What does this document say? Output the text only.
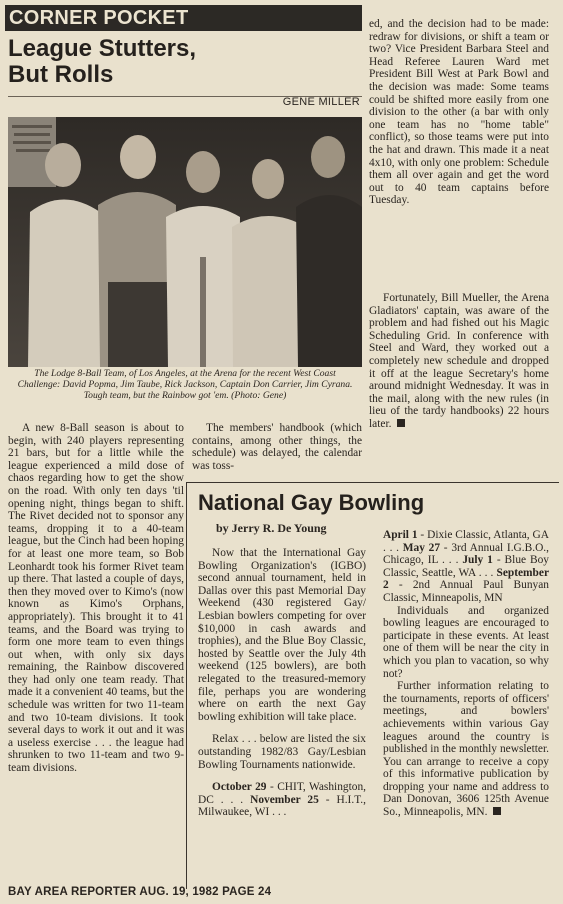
CORNER POCKET
League Stutters,
But Rolls
GENE MILLER
The Lodge 8-Ball Team, of Los Angeles, at the Arena for the recent West Coast Challenge: David Popma, Jim Taube, Rick Jackson, Captain Don Carrier, Jim Cyrana. Tough team, but the Rainbow got 'em. (Photo: Gene)

A new 8-Ball season is about to begin, with 240 players representing 21 bars, but for a little while the league experienced a mild dose of chaos regarding how to get the show on the road. With only ten days 'til opening night, things began to shift. The Rivet decided not to sponsor any teams, dropping it to a 40-team league, but the Cinch had been hoping for at least one more team, so Bob Leonhardt took his former Rivet team up there. That lasted a couple of days, then they moved over to Kimo's (now known as Kimo's Orphans, appropriately). This brought it to 41 teams, and the Board was trying to form one more team to even things out when, with only six days remaining, the Rainbow discovered they had only one team ready. That made it a convenient 40 teams, but the schedule was written for two 11-team and two 10-team divisions. It took several days to work it out and it was a useless exercise . . . the league had shrunken to two 11-team and two 9-team divisions.

The members' handbook (which contains, among other things, the schedule) was delayed, the calendar was toss-

ed, and the decision had to be made: redraw for divisions, or shift a team or two? Vice President Barbara Steel and Head Referee Lauren Ward met President Bill West at Park Bowl and the decision was made: Some teams could be shifted more easily from one division to the other (a bar with only one team has no "home table" conflict), so those teams were put into the hat and drawn. This made it a neat 4x10, with only one problem: Schedule them all over again and get the word out to 40 team captains before Tuesday.

Fortunately, Bill Mueller, the Arena Gladiators' captain, was aware of the problem and had fished out his Magic Scheduling Grid. In conference with Steel and Ward, they worked out a completely new schedule and dropped it off at the league Secretary's home around midnight Wednesday. It was in the mail, along with the new rules (in lieu of the tardy handbooks) 22 hours later.

National Gay Bowling
by Jerry R. De Young

Now that the International Gay Bowling Organization's (IGBO) second annual tournament, held in Dallas over this past Memorial Day Weekend (430 registered Gay/ Lesbian bowlers competing for over $10,000 in cash awards and trophies), and the Blue Boy Classic, hosted by Seattle over the July 4th weekend (125 bowlers), are both relegated to the treasured-memory file, perhaps you are wondering where on earth the next Gay bowling exhibition will take place.

Relax . . . below are listed the six outstanding 1982/83 Gay/Lesbian Bowling Tournaments nationwide.

October 29 - CHIT, Washington, DC . . . November 25 - H.I.T., Milwaukee, WI . . .

April 1 - Dixie Classic, Atlanta, GA . . . May 27 - 3rd Annual I.G.B.O., Chicago, IL . . . July 1 - Blue Boy Classic, Seattle, WA . . . September 2 - 2nd Annual Paul Bunyan Classic, Minneapolis, MN

Individuals and organized bowling leagues are encouraged to participate in these events. At least one of them will be near the city in which you plan to vacation, so why not?

Further information relating to the tournaments, reports of officers' meetings, and bowlers' achievements within various Gay leagues around the country is published in the monthly newsletter. You can arrange to receive a copy of this informative publication by dropping your name and address to Dan Donovan, 3606 125th Avenue So., Minneapolis, MN.

BAY AREA REPORTER AUG. 19, 1982 PAGE 24
